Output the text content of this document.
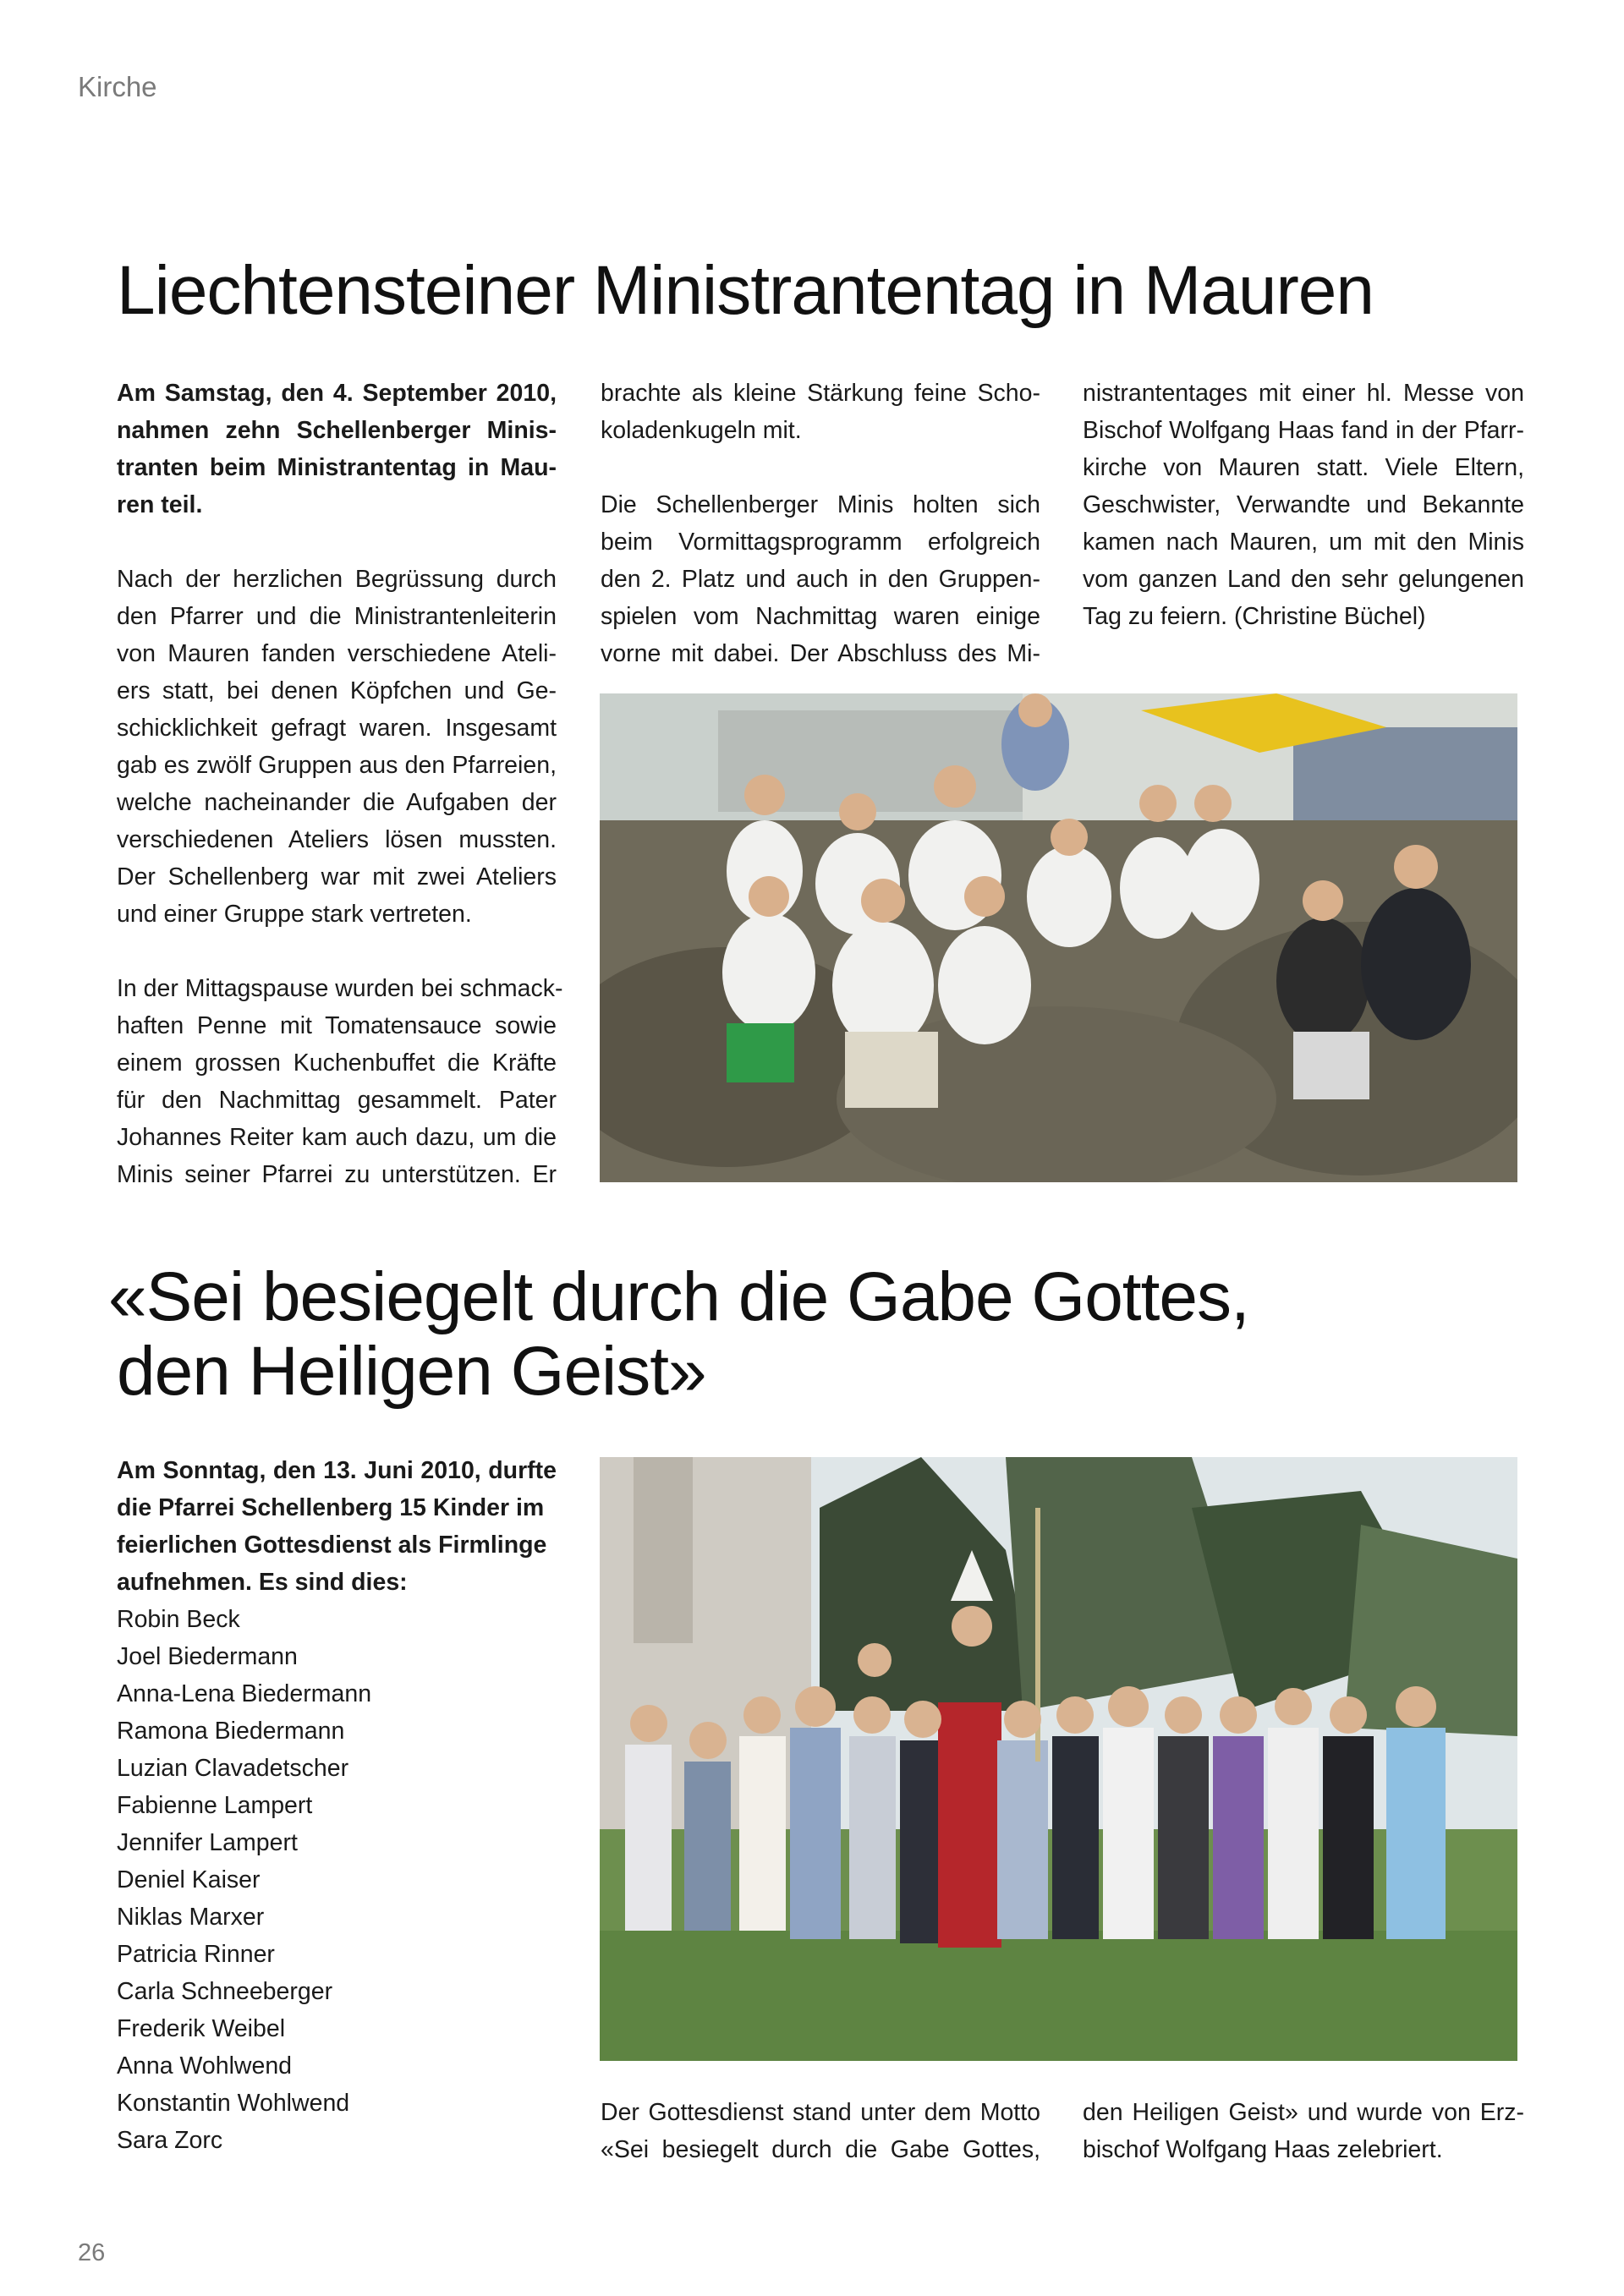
Kirche
Liechtensteiner Ministrantentag in Mauren
Am Samstag, den 4. September 2010,
nahmen zehn Schellenberger Minis-
tranten beim Ministrantentag in Mau-
ren teil.
Nach der herzlichen Begrüssung durch
den Pfarrer und die Ministrantenleiterin
von Mauren fanden verschiedene Ateli-
ers statt, bei denen Köpfchen und Ge-
schicklichkeit gefragt waren. Insgesamt
gab es zwölf Gruppen aus den Pfarreien,
welche nacheinander die Aufgaben der
verschiedenen Ateliers lösen mussten.
Der Schellenberg war mit zwei Ateliers
und einer Gruppe stark vertreten.
In der Mittagspause wurden bei schmack-
haften Penne mit Tomatensauce sowie
einem grossen Kuchenbuffet die Kräfte
für den Nachmittag gesammelt. Pater
Johannes Reiter kam auch dazu, um die
Minis seiner Pfarrei zu unterstützen. Er
brachte als kleine Stärkung feine Scho-
koladenkugeln mit.
Die Schellenberger Minis holten sich
beim Vormittagsprogramm erfolgreich
den 2. Platz und auch in den Gruppen-
spielen vom Nachmittag waren einige
vorne mit dabei. Der Abschluss des Mi-
nistrantentages mit einer hl. Messe von
Bischof Wolfgang Haas fand in der Pfarr-
kirche von Mauren statt. Viele Eltern,
Geschwister, Verwandte und Bekannte
kamen nach Mauren, um mit den Minis
vom ganzen Land den sehr gelungenen
Tag zu feiern. (Christine Büchel)
«Sei besiegelt durch die Gabe Gottes,
den Heiligen Geist»
Am Sonntag, den 13. Juni 2010, durfte
die Pfarrei Schellenberg 15 Kinder im
feierlichen Gottesdienst als Firmlinge
aufnehmen. Es sind dies:
Robin Beck
Joel Biedermann
Anna-Lena Biedermann
Ramona Biedermann
Luzian Clavadetscher
Fabienne Lampert
Jennifer Lampert
Deniel Kaiser
Niklas Marxer
Patricia Rinner
Carla Schneeberger
Frederik Weibel
Anna Wohlwend
Konstantin Wohlwend
Sara Zorc
Der Gottesdienst stand unter dem Motto
«Sei besiegelt durch die Gabe Gottes,
den Heiligen Geist» und wurde von Erz-
bischof Wolfgang Haas zelebriert.
26
